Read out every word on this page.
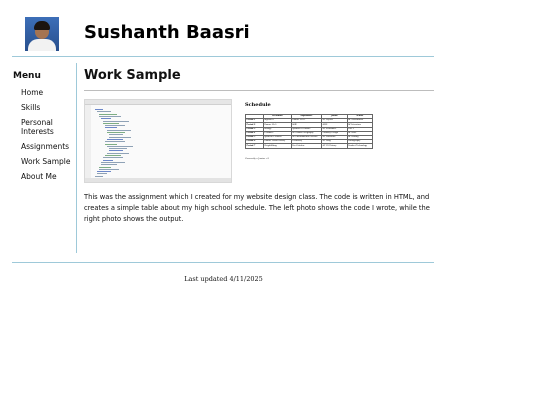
Sushanth Baasri
Menu
Home
Skills
Personal Interests
Assignments
Work Sample
About Me
Work Sample
Schedule
	Freshman	Sophomore	Junior	Senior
Period 1	Algebra II	Honors LA 11	AP Physics	AP Government
Period 2	Honors LA 9	AME	AME	AP Literature
Period 3	Biology	Spanish III Honors	AP Economics	Calc 3
Period 4	Ceramics	AP Human Geography	Pathway Design	AP Stats
Period 5	Spanish II Honors	AP Environmental Science	AP Literature	AP Writing
Period 6	Honors World History	Chemistry	AP Lang	Photography
Period 7	Weightlifting	Pre-Calculus	AP US History	Product Technology
Currently a Junior <3
This was the assignment which I created for my website design class. The code is written in HTML, and creates a simple table about my high school schedule. The left photo shows the code I wrote, while the right photo shows the output.
Last updated 4/11/2025
